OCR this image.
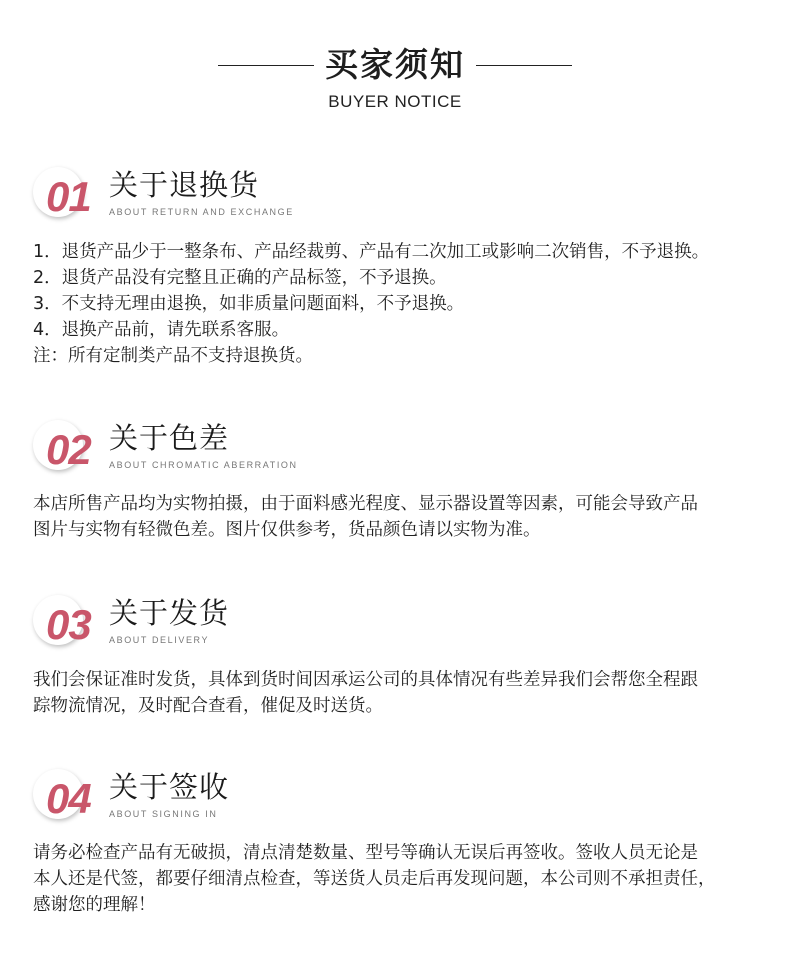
买家须知
BUYER NOTICE
01 关于退换货
ABOUT RETURN AND EXCHANGE

1．退货产品少于一整条布、产品经裁剪、产品有二次加工或影响二次销售，不予退换。

2．退货产品没有完整且正确的产品标签，不予退换。

3．不支持无理由退换，如非质量问题面料，不予退换。

4．退换产品前，请先联系客服。

注：所有定制类产品不支持退换货。

02 关于色差
ABOUT CHROMATIC ABERRATION

本店所售产品均为实物拍摄，由于面料感光程度、显示器设置等因素，可能会导致产品

图片与实物有轻微色差。图片仅供参考，货品颜色请以实物为准。

03 关于发货
ABOUT DELIVERY

我们会保证准时发货，具体到货时间因承运公司的具体情况有些差异我们会帮您全程跟

踪物流情况，及时配合查看，催促及时送货。

04 关于签收
ABOUT SIGNING IN

请务必检查产品有无破损，清点清楚数量、型号等确认无误后再签收。签收人员无论是

本人还是代签，都要仔细清点检查，等送货人员走后再发现问题，本公司则不承担责任，

感谢您的理解！
